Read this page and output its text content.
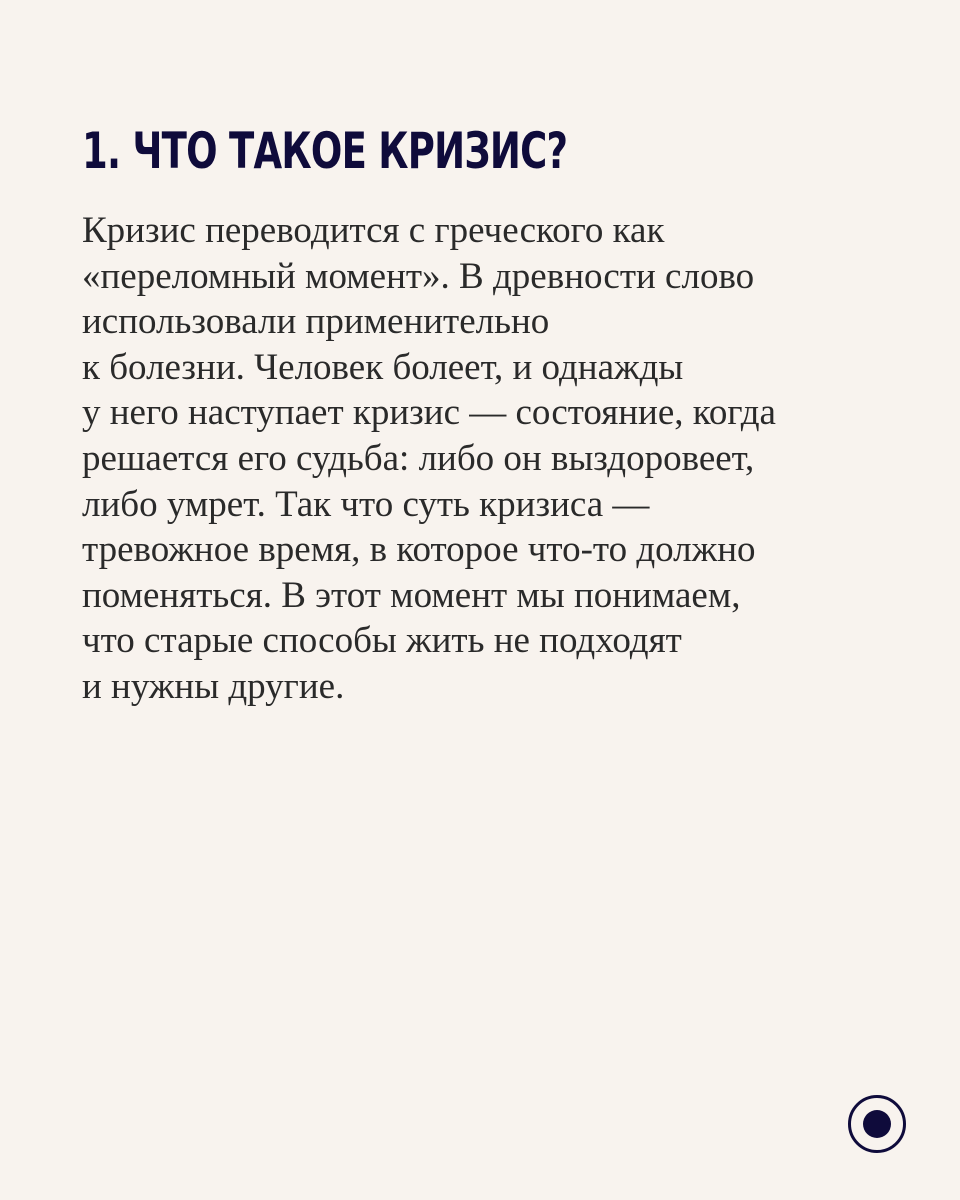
1. ЧТО ТАКОЕ КРИЗИС?

Кризис переводится с греческого как
«переломный момент». В древности слово
использовали применительно
к болезни. Человек болеет, и однажды
у него наступает кризис — состояние, когда
решается его судьба: либо он выздоровеет,
либо умрет. Так что суть кризиса —
тревожное время, в которое что-то должно
поменяться. В этот момент мы понимаем,
что старые способы жить не подходят
и нужны другие.
